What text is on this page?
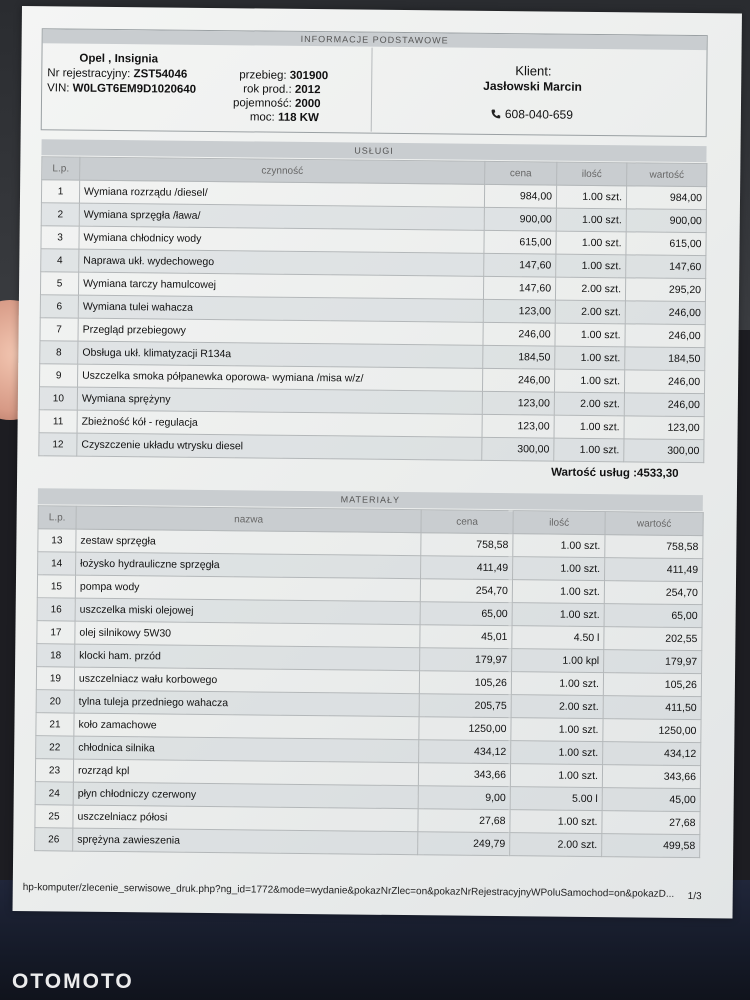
INFORMACJE PODSTAWOWE
Opel , Insignia
Nr rejestracyjny: ZST54046
VIN: W0LGT6EM9D1020640
przebieg: 301900
rok prod.: 2012
pojemność: 2000
moc: 118 KW
Klient:
Jasłowski Marcin
608-040-659
USŁUGI
L.p.	czynność	cena	ilość	wartość
1	Wymiana rozrządu /diesel/	984,00	1.00 szt.	984,00
2	Wymiana sprzęgła /ława/	900,00	1.00 szt.	900,00
3	Wymiana chłodnicy wody	615,00	1.00 szt.	615,00
4	Naprawa ukł. wydechowego	147,60	1.00 szt.	147,60
5	Wymiana tarczy hamulcowej	147,60	2.00 szt.	295,20
6	Wymiana tulei wahacza	123,00	2.00 szt.	246,00
7	Przegląd przebiegowy	246,00	1.00 szt.	246,00
8	Obsługa ukł. klimatyzacji R134a	184,50	1.00 szt.	184,50
9	Uszczelka smoka półpanewka oporowa- wymiana /misa w/z/	246,00	1.00 szt.	246,00
10	Wymiana sprężyny	123,00	2.00 szt.	246,00
11	Zbieżność kół - regulacja	123,00	1.00 szt.	123,00
12	Czyszczenie układu wtrysku diesel	300,00	1.00 szt.	300,00
Wartość usług :4533,30
MATERIAŁY
L.p.	nazwa	cena	ilość	wartość
13	zestaw sprzęgła	758,58	1.00 szt.	758,58
14	łożysko hydrauliczne sprzęgła	411,49	1.00 szt.	411,49
15	pompa wody	254,70	1.00 szt.	254,70
16	uszczelka miski olejowej	65,00	1.00 szt.	65,00
17	olej silnikowy 5W30	45,01	4.50 l	202,55
18	klocki ham. przód	179,97	1.00 kpl	179,97
19	uszczelniacz wału korbowego	105,26	1.00 szt.	105,26
20	tylna tuleja przedniego wahacza	205,75	2.00 szt.	411,50
21	koło zamachowe	1250,00	1.00 szt.	1250,00
22	chłodnica silnika	434,12	1.00 szt.	434,12
23	rozrząd kpl	343,66	1.00 szt.	343,66
24	płyn chłodniczy czerwony	9,00	5.00 l	45,00
25	uszczelniacz półosi	27,68	1.00 szt.	27,68
26	sprężyna zawieszenia	249,79	2.00 szt.	499,58
hp-komputer/zlecenie_serwisowe_druk.php?ng_id=1772&mode=wydanie&pokazNrZlec=on&pokazNrRejestracyjnyWPoluSamochod=on&pokazD... 1/3
OTOMOTO
